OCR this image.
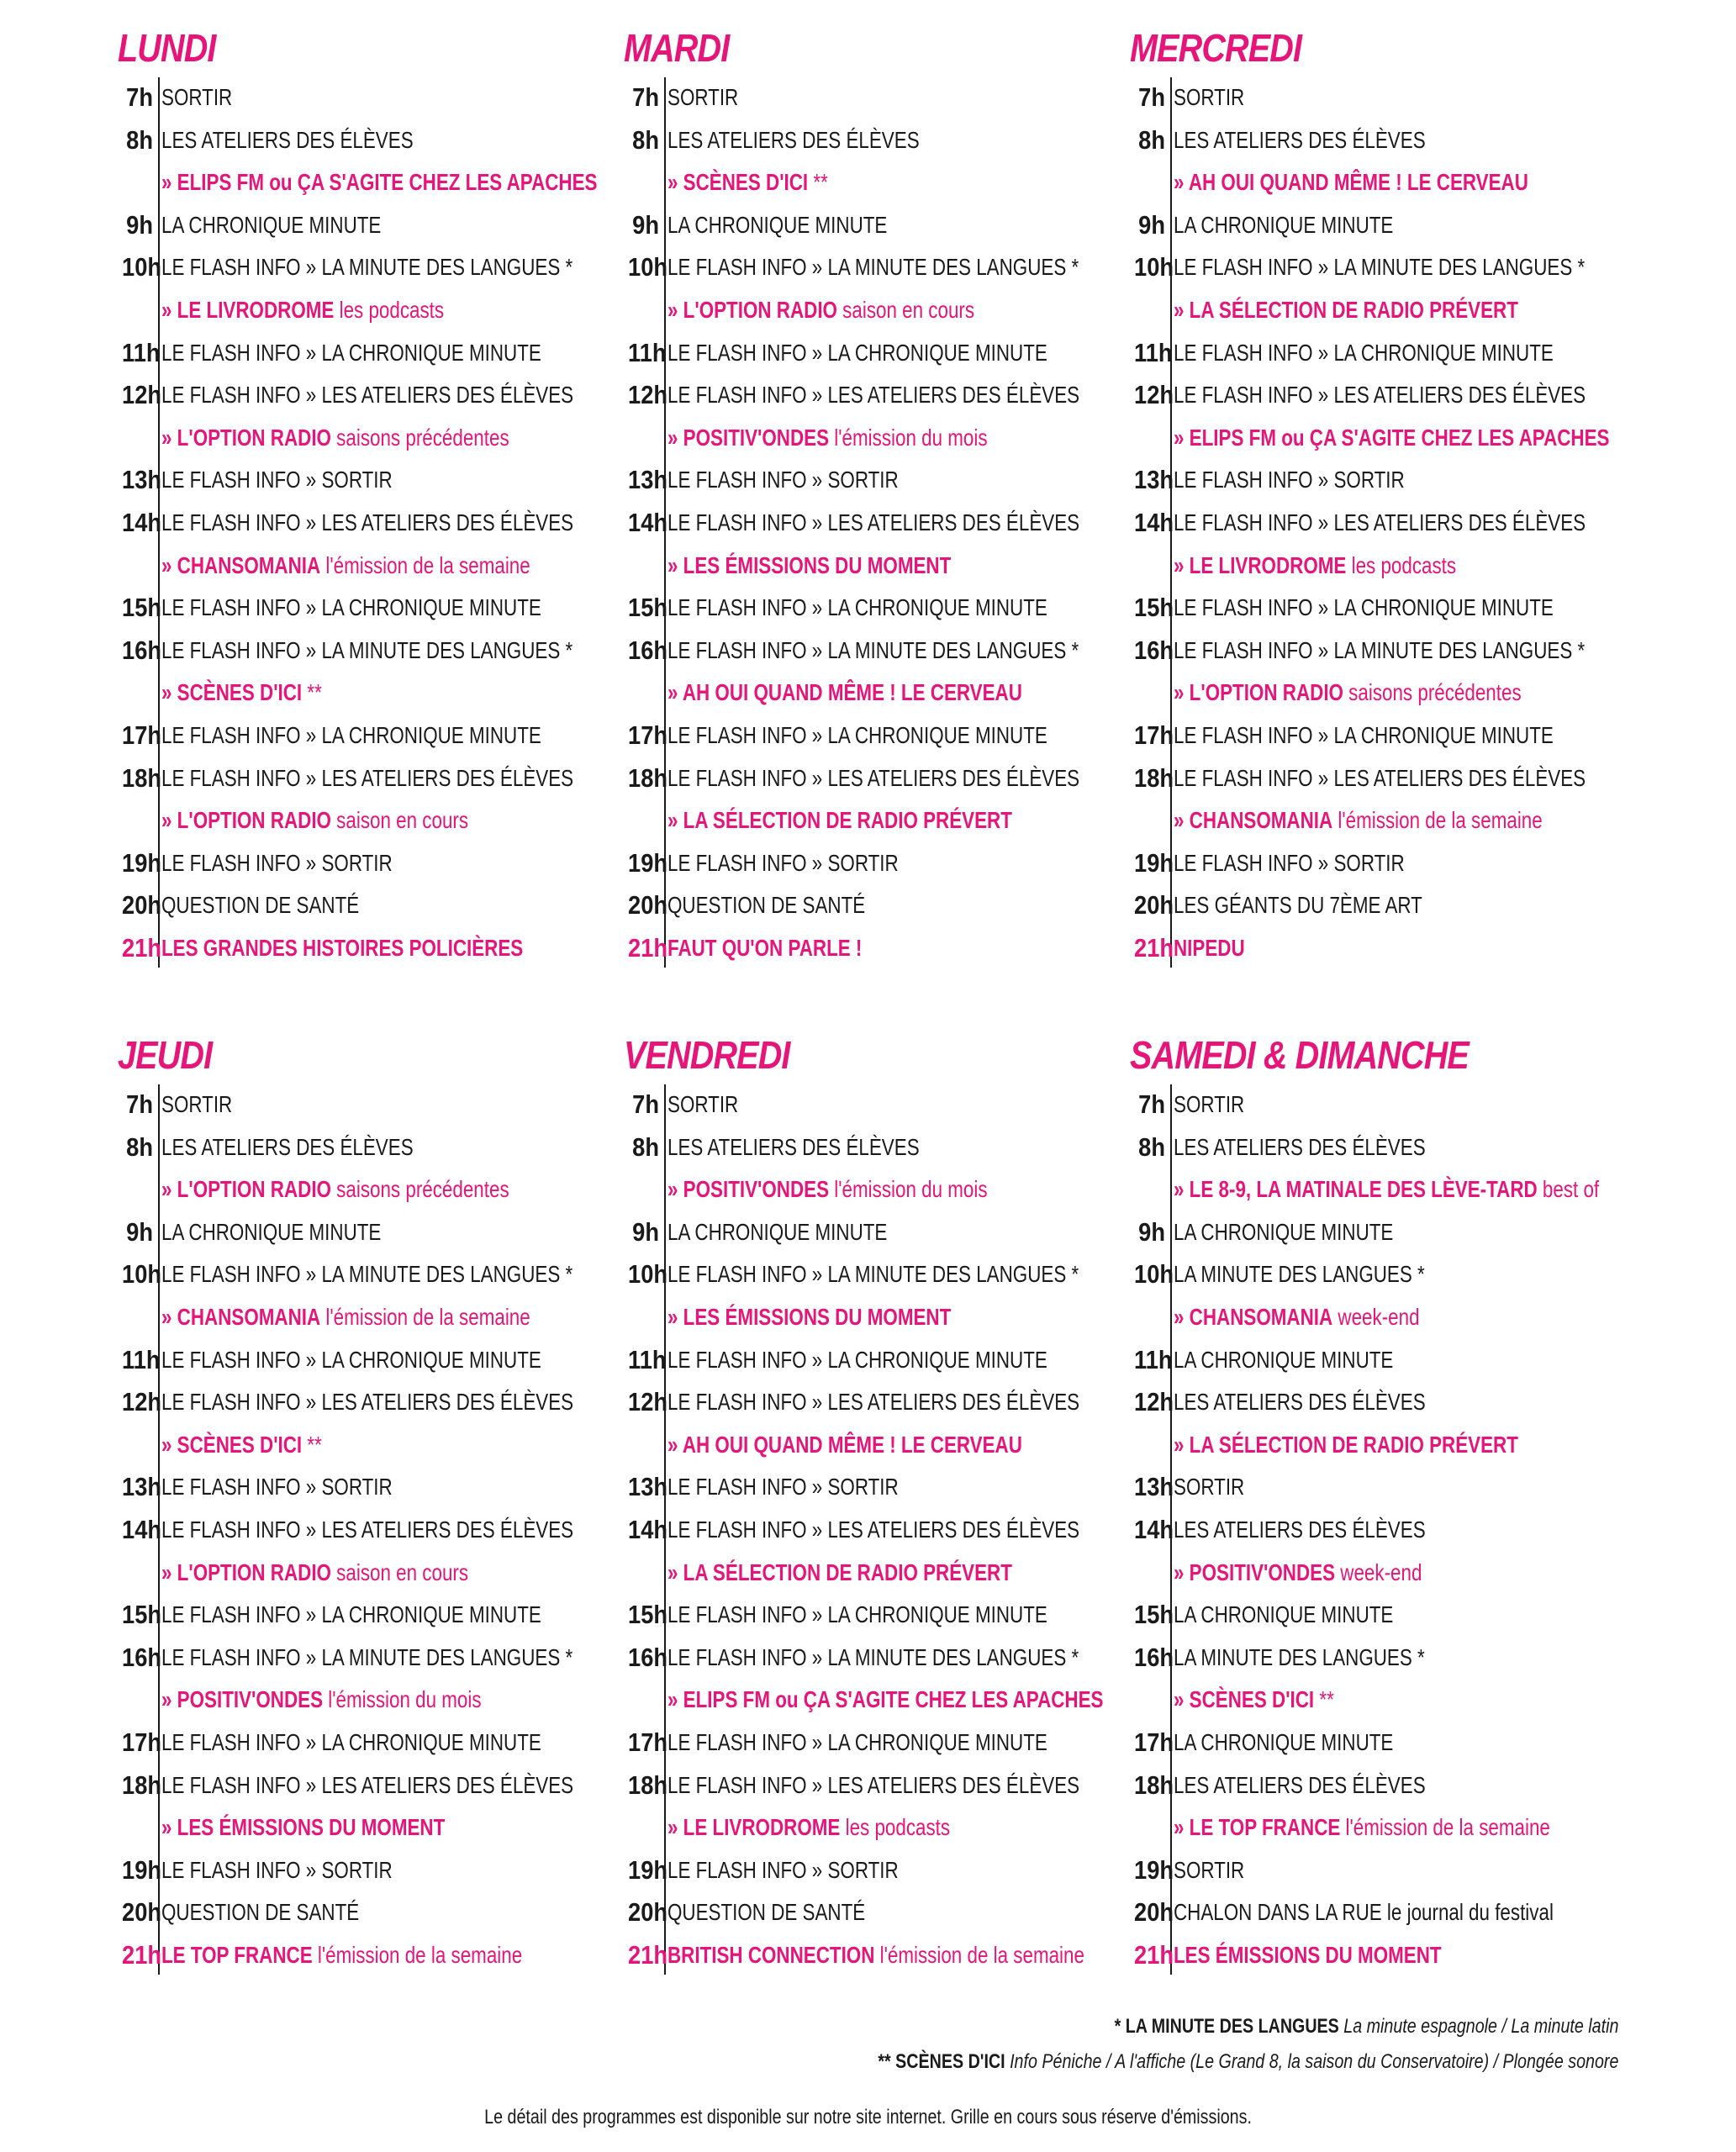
LUNDI
7h SORTIR
8h LES ATELIERS DES ÉLÈVES
» ELIPS FM ou ÇA S'AGITE CHEZ LES APACHES
9h LA CHRONIQUE MINUTE
10h LE FLASH INFO » LA MINUTE DES LANGUES *
» LE LIVRODROME les podcasts
11h LE FLASH INFO » LA CHRONIQUE MINUTE
12h LE FLASH INFO » LES ATELIERS DES ÉLÈVES
» L'OPTION RADIO saisons précédentes
13h LE FLASH INFO » SORTIR
14h LE FLASH INFO » LES ATELIERS DES ÉLÈVES
» CHANSOMANIA l'émission de la semaine
15h LE FLASH INFO » LA CHRONIQUE MINUTE
16h LE FLASH INFO » LA MINUTE DES LANGUES *
» SCÈNES D'ICI **
17h LE FLASH INFO » LA CHRONIQUE MINUTE
18h LE FLASH INFO » LES ATELIERS DES ÉLÈVES
» L'OPTION RADIO saison en cours
19h LE FLASH INFO » SORTIR
20h QUESTION DE SANTÉ
21h LES GRANDES HISTOIRES POLICIÈRES
MARDI
7h SORTIR
8h LES ATELIERS DES ÉLÈVES
» SCÈNES D'ICI **
9h LA CHRONIQUE MINUTE
10h LE FLASH INFO » LA MINUTE DES LANGUES *
» L'OPTION RADIO saison en cours
11h LE FLASH INFO » LA CHRONIQUE MINUTE
12h LE FLASH INFO » LES ATELIERS DES ÉLÈVES
» POSITIV'ONDES l'émission du mois
13h LE FLASH INFO » SORTIR
14h LE FLASH INFO » LES ATELIERS DES ÉLÈVES
» LES ÉMISSIONS DU MOMENT
15h LE FLASH INFO » LA CHRONIQUE MINUTE
16h LE FLASH INFO » LA MINUTE DES LANGUES *
» AH OUI QUAND MÊME ! LE CERVEAU
17h LE FLASH INFO » LA CHRONIQUE MINUTE
18h LE FLASH INFO » LES ATELIERS DES ÉLÈVES
» LA SÉLECTION DE RADIO PRÉVERT
19h LE FLASH INFO » SORTIR
20h QUESTION DE SANTÉ
21h FAUT QU'ON PARLE !
MERCREDI
7h SORTIR
8h LES ATELIERS DES ÉLÈVES
» AH OUI QUAND MÊME ! LE CERVEAU
9h LA CHRONIQUE MINUTE
10h LE FLASH INFO » LA MINUTE DES LANGUES *
» LA SÉLECTION DE RADIO PRÉVERT
11h LE FLASH INFO » LA CHRONIQUE MINUTE
12h LE FLASH INFO » LES ATELIERS DES ÉLÈVES
» ELIPS FM ou ÇA S'AGITE CHEZ LES APACHES
13h LE FLASH INFO » SORTIR
14h LE FLASH INFO » LES ATELIERS DES ÉLÈVES
» LE LIVRODROME les podcasts
15h LE FLASH INFO » LA CHRONIQUE MINUTE
16h LE FLASH INFO » LA MINUTE DES LANGUES *
» L'OPTION RADIO saisons précédentes
17h LE FLASH INFO » LA CHRONIQUE MINUTE
18h LE FLASH INFO » LES ATELIERS DES ÉLÈVES
» CHANSOMANIA l'émission de la semaine
19h LE FLASH INFO » SORTIR
20h LES GÉANTS DU 7ÈME ART
21h NIPEDU
JEUDI
7h SORTIR
8h LES ATELIERS DES ÉLÈVES
» L'OPTION RADIO saisons précédentes
9h LA CHRONIQUE MINUTE
10h LE FLASH INFO » LA MINUTE DES LANGUES *
» CHANSOMANIA l'émission de la semaine
11h LE FLASH INFO » LA CHRONIQUE MINUTE
12h LE FLASH INFO » LES ATELIERS DES ÉLÈVES
» SCÈNES D'ICI **
13h LE FLASH INFO » SORTIR
14h LE FLASH INFO » LES ATELIERS DES ÉLÈVES
» L'OPTION RADIO saison en cours
15h LE FLASH INFO » LA CHRONIQUE MINUTE
16h LE FLASH INFO » LA MINUTE DES LANGUES *
» POSITIV'ONDES l'émission du mois
17h LE FLASH INFO » LA CHRONIQUE MINUTE
18h LE FLASH INFO » LES ATELIERS DES ÉLÈVES
» LES ÉMISSIONS DU MOMENT
19h LE FLASH INFO » SORTIR
20h QUESTION DE SANTÉ
21h LE TOP FRANCE l'émission de la semaine
VENDREDI
7h SORTIR
8h LES ATELIERS DES ÉLÈVES
» POSITIV'ONDES l'émission du mois
9h LA CHRONIQUE MINUTE
10h LE FLASH INFO » LA MINUTE DES LANGUES *
» LES ÉMISSIONS DU MOMENT
11h LE FLASH INFO » LA CHRONIQUE MINUTE
12h LE FLASH INFO » LES ATELIERS DES ÉLÈVES
» AH OUI QUAND MÊME ! LE CERVEAU
13h LE FLASH INFO » SORTIR
14h LE FLASH INFO » LES ATELIERS DES ÉLÈVES
» LA SÉLECTION DE RADIO PRÉVERT
15h LE FLASH INFO » LA CHRONIQUE MINUTE
16h LE FLASH INFO » LA MINUTE DES LANGUES *
» ELIPS FM ou ÇA S'AGITE CHEZ LES APACHES
17h LE FLASH INFO » LA CHRONIQUE MINUTE
18h LE FLASH INFO » LES ATELIERS DES ÉLÈVES
» LE LIVRODROME les podcasts
19h LE FLASH INFO » SORTIR
20h QUESTION DE SANTÉ
21h BRITISH CONNECTION l'émission de la semaine
SAMEDI & DIMANCHE
7h SORTIR
8h LES ATELIERS DES ÉLÈVES
» LE 8-9, LA MATINALE DES LÈVE-TARD best of
9h LA CHRONIQUE MINUTE
10h LA MINUTE DES LANGUES *
» CHANSOMANIA week-end
11h LA CHRONIQUE MINUTE
12h LES ATELIERS DES ÉLÈVES
» LA SÉLECTION DE RADIO PRÉVERT
13h SORTIR
14h LES ATELIERS DES ÉLÈVES
» POSITIV'ONDES week-end
15h LA CHRONIQUE MINUTE
16h LA MINUTE DES LANGUES *
» SCÈNES D'ICI **
17h LA CHRONIQUE MINUTE
18h LES ATELIERS DES ÉLÈVES
» LE TOP FRANCE l'émission de la semaine
19h SORTIR
20h CHALON DANS LA RUE le journal du festival
21h LES ÉMISSIONS DU MOMENT
* LA MINUTE DES LANGUES La minute espagnole / La minute latin
** SCÈNES D'ICI Info Péniche / A l'affiche (Le Grand 8, la saison du Conservatoire) / Plongée sonore
Le détail des programmes est disponible sur notre site internet. Grille en cours sous réserve d'émissions.
